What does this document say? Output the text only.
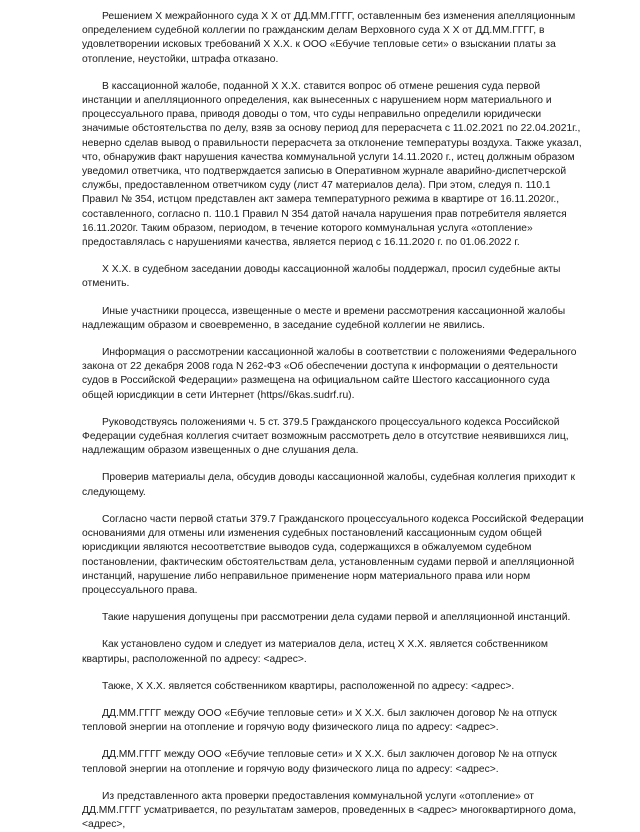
Решением Х межрайонного суда Х Х от ДД.ММ.ГГГГ, оставленным без изменения апелляционным определением судебной коллегии по гражданским делам Верховного суда Х Х от ДД.ММ.ГГГГ, в удовлетворении исковых требований Х Х.Х. к ООО «Ебучие тепловые сети» о взыскании платы за отопление, неустойки, штрафа отказано.

В кассационной жалобе, поданной Х Х.Х. ставится вопрос об отмене решения суда первой инстанции и апелляционного определения, как вынесенных с нарушением норм материального и процессуального права, приводя доводы о том, что суды неправильно определили юридически значимые обстоятельства по делу, взяв за основу период для перерасчета с 11.02.2021 по 22.04.2021г., неверно сделав вывод о правильности перерасчета за отклонение температуры воздуха. Также указал, что, обнаружив факт нарушения качества коммунальной услуги 14.11.2020 г., истец должным образом уведомил ответчика, что подтверждается записью в Оперативном журнале аварийно-диспетчерской службы, предоставленном ответчиком суду (лист 47 материалов дела). При этом, следуя п. 110.1 Правил № 354, истцом представлен акт замера температурного режима в квартире от 16.11.2020г., составленного, согласно п. 110.1 Правил N 354 датой начала нарушения прав потребителя является 16.11.2020г. Таким образом, периодом, в течение которого коммунальная услуга «отопление» предоставлялась с нарушениями качества, является период с 16.11.2020 г. по 01.06.2022 г.

Х Х.Х. в судебном заседании доводы кассационной жалобы поддержал, просил судебные акты отменить.

Иные участники процесса, извещенные о месте и времени рассмотрения кассационной жалобы надлежащим образом и своевременно, в заседание судебной коллегии не явились.

Информация о рассмотрении кассационной жалобы в соответствии с положениями Федерального закона от 22 декабря 2008 года N 262-ФЗ «Об обеспечении доступа к информации о деятельности судов в Российской Федерации» размещена на официальном сайте Шестого кассационного суда общей юрисдикции в сети Интернет (https//6kas.sudrf.ru).

Руководствуясь положениями ч. 5 ст. 379.5 Гражданского процессуального кодекса Российской Федерации судебная коллегия считает возможным рассмотреть дело в отсутствие неявившихся лиц, надлежащим образом извещенных о дне слушания дела.

Проверив материалы дела, обсудив доводы кассационной жалобы, судебная коллегия приходит к следующему.

Согласно части первой статьи 379.7 Гражданского процессуального кодекса Российской Федерации основаниями для отмены или изменения судебных постановлений кассационным судом общей юрисдикции являются несоответствие выводов суда, содержащихся в обжалуемом судебном постановлении, фактическим обстоятельствам дела, установленным судами первой и апелляционной инстанций, нарушение либо неправильное применение норм материального права или норм процессуального права.

Такие нарушения допущены при рассмотрении дела судами первой и апелляционной инстанций.

Как установлено судом и следует из материалов дела, истец Х Х.Х. является собственником квартиры, расположенной по адресу: <адрес>.

Также, Х Х.Х. является собственником квартиры, расположенной по адресу: <адрес>.

ДД.ММ.ГГГГ между ООО «Ебучие тепловые сети» и Х Х.Х. был заключен договор № на отпуск тепловой энергии на отопление и горячую воду физического лица по адресу: <адрес>.

ДД.ММ.ГГГГ между ООО «Ебучие тепловые сети» и Х Х.Х. был заключен договор № на отпуск тепловой энергии на отопление и горячую воду физического лица по адресу: <адрес>.

Из представленного акта проверки предоставления коммунальной услуги «отопление» от ДД.ММ.ГГГГ усматривается, по результатам замеров, проведенных в <адрес> многоквартирного дома, <адрес>,
